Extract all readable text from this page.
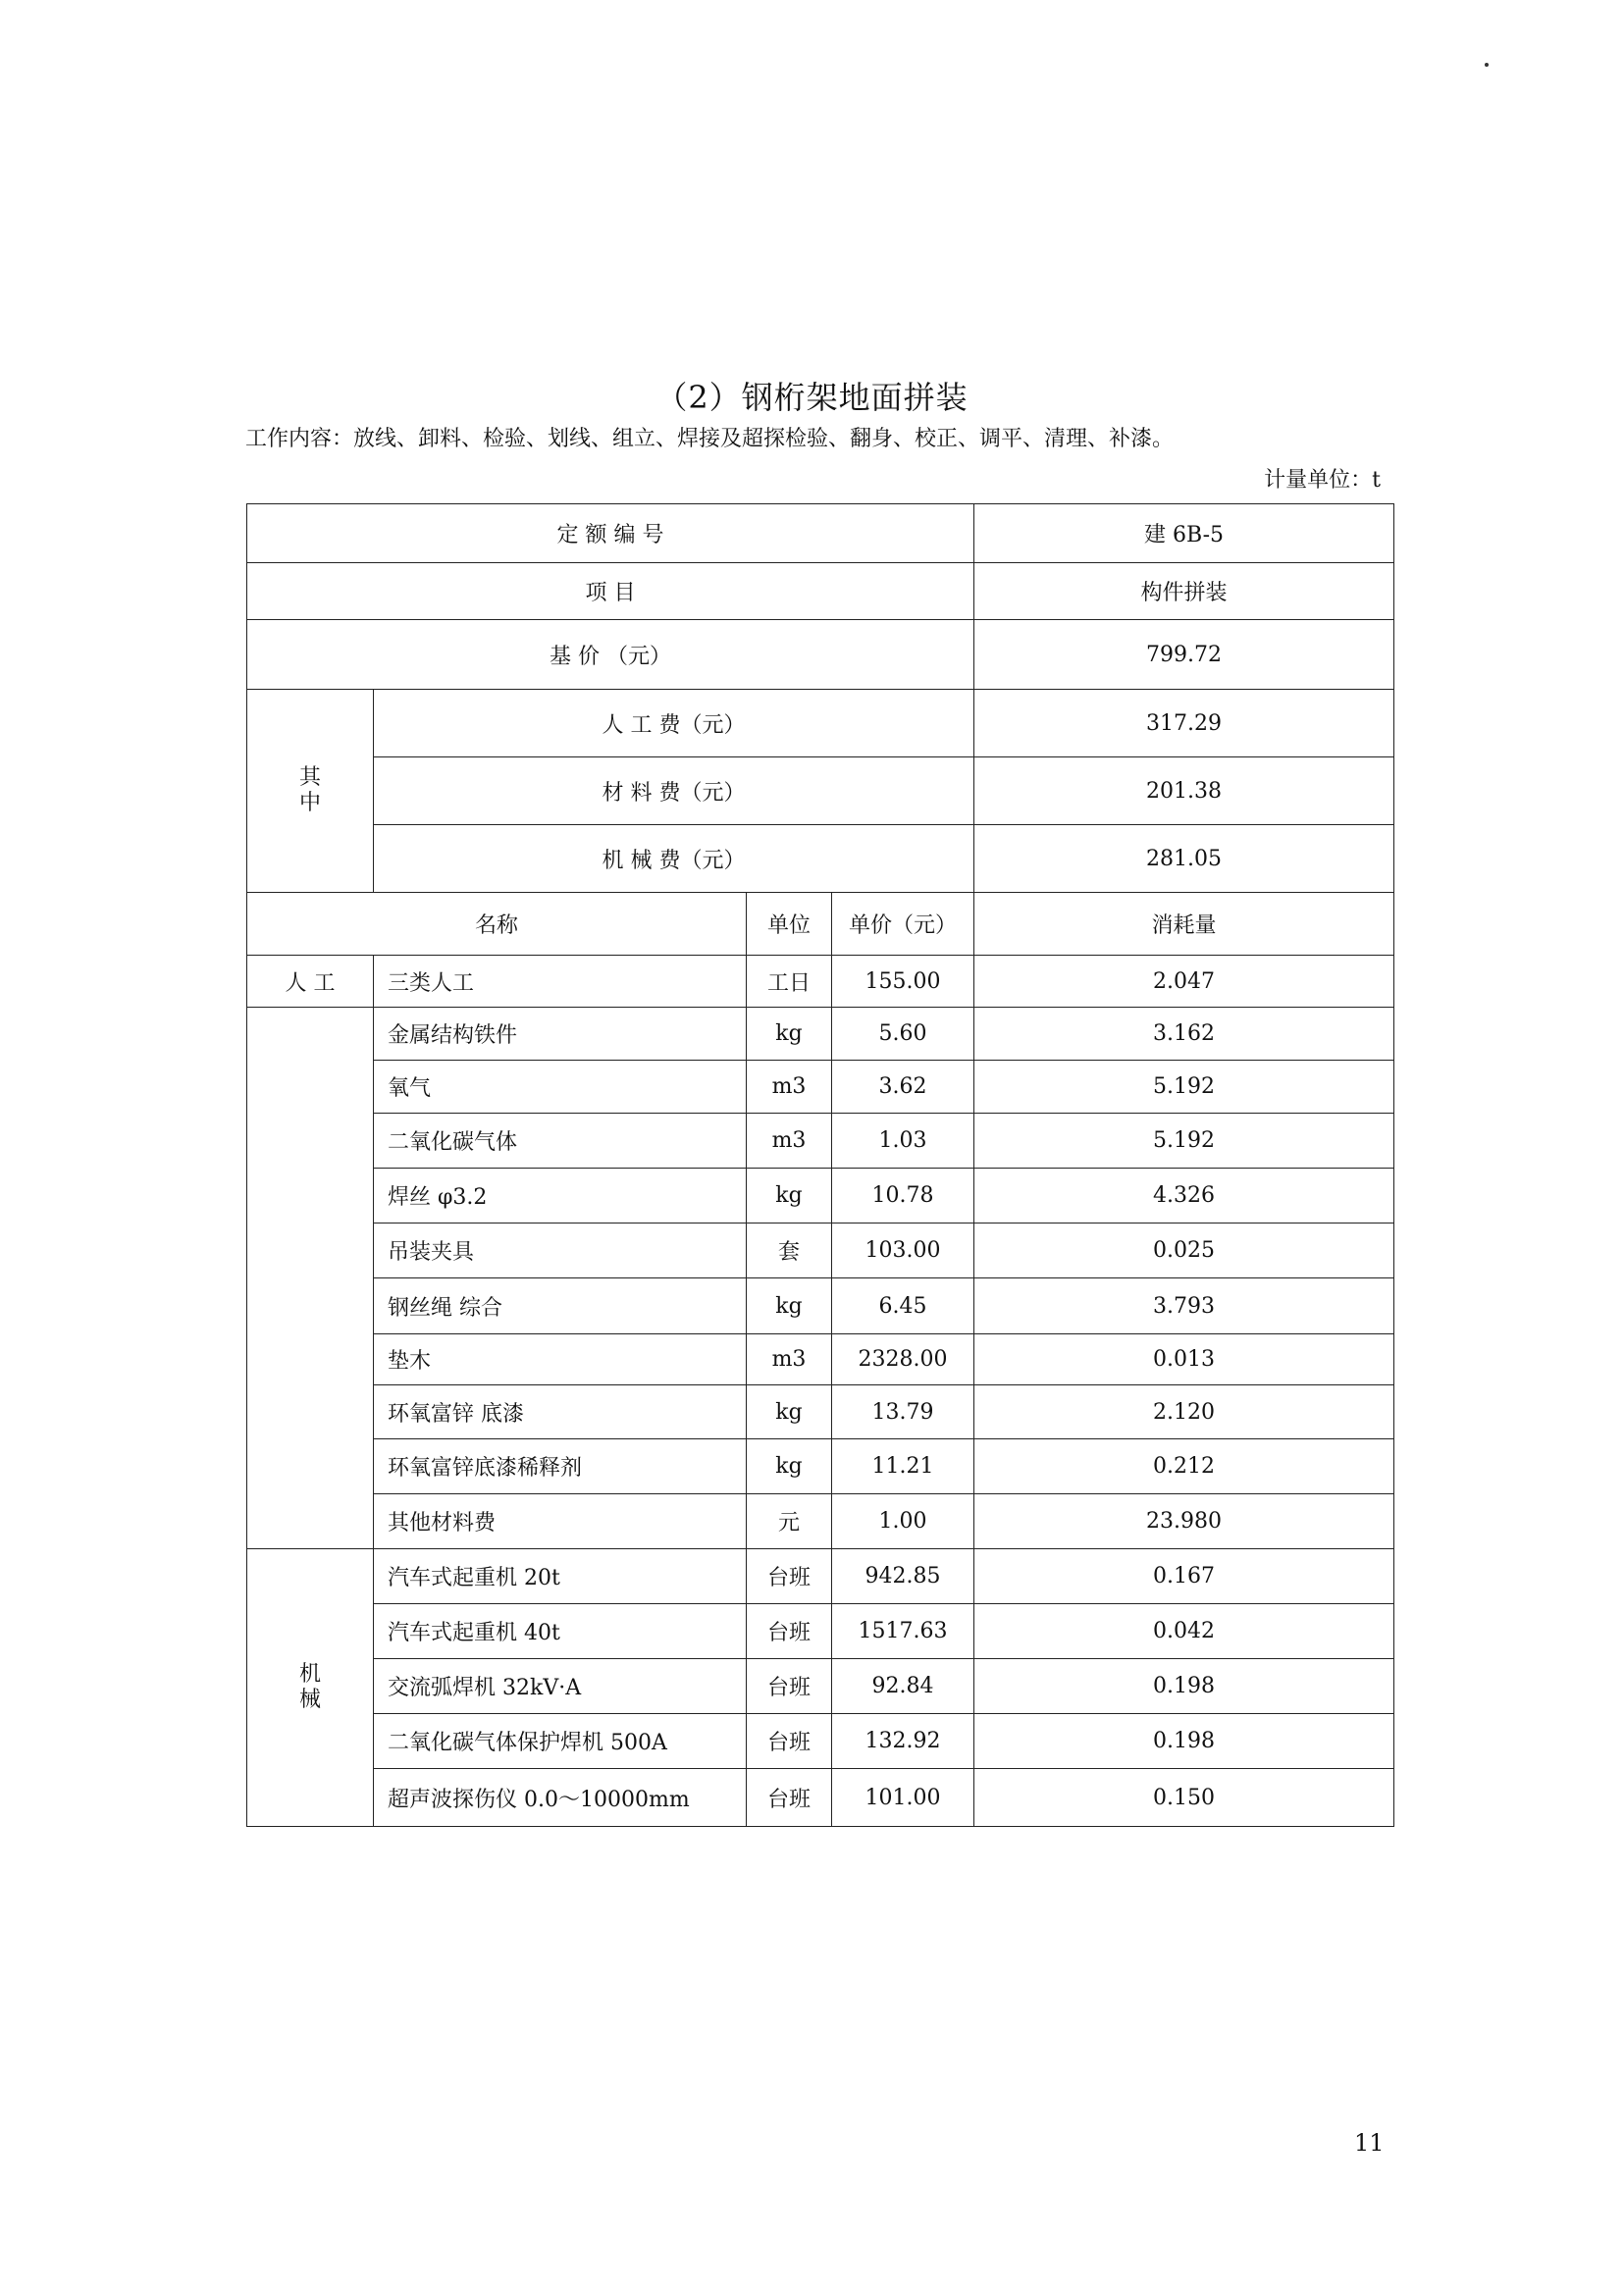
（2）钢桁架地面拼装
工作内容：放线、卸料、检验、划线、组立、焊接及超探检验、翻身、校正、调平、清理、补漆。
计量单位：t
定 额 编 号				建 6B-5
项 目				构件拼装
基 价 （元）				799.72
其中	人 工 费（元）			317.29
	材 料 费（元）			201.38
	机 械 费（元）			281.05
名称		单位	单价（元）	消耗量
人 工	三类人工	工日	155.00	2.047
	金属结构铁件	kg	5.60	3.162
	氧气	m3	3.62	5.192
	二氧化碳气体	m3	1.03	5.192
	焊丝 φ3.2	kg	10.78	4.326
	吊装夹具	套	103.00	0.025
	钢丝绳 综合	kg	6.45	3.793
	垫木	m3	2328.00	0.013
	环氧富锌 底漆	kg	13.79	2.120
	环氧富锌底漆稀释剂	kg	11.21	0.212
	其他材料费	元	1.00	23.980
机械	汽车式起重机 20t	台班	942.85	0.167
	汽车式起重机 40t	台班	1517.63	0.042
	交流弧焊机 32kV·A	台班	92.84	0.198
	二氧化碳气体保护焊机 500A	台班	132.92	0.198
	超声波探伤仪 0.0～10000mm	台班	101.00	0.150
11
